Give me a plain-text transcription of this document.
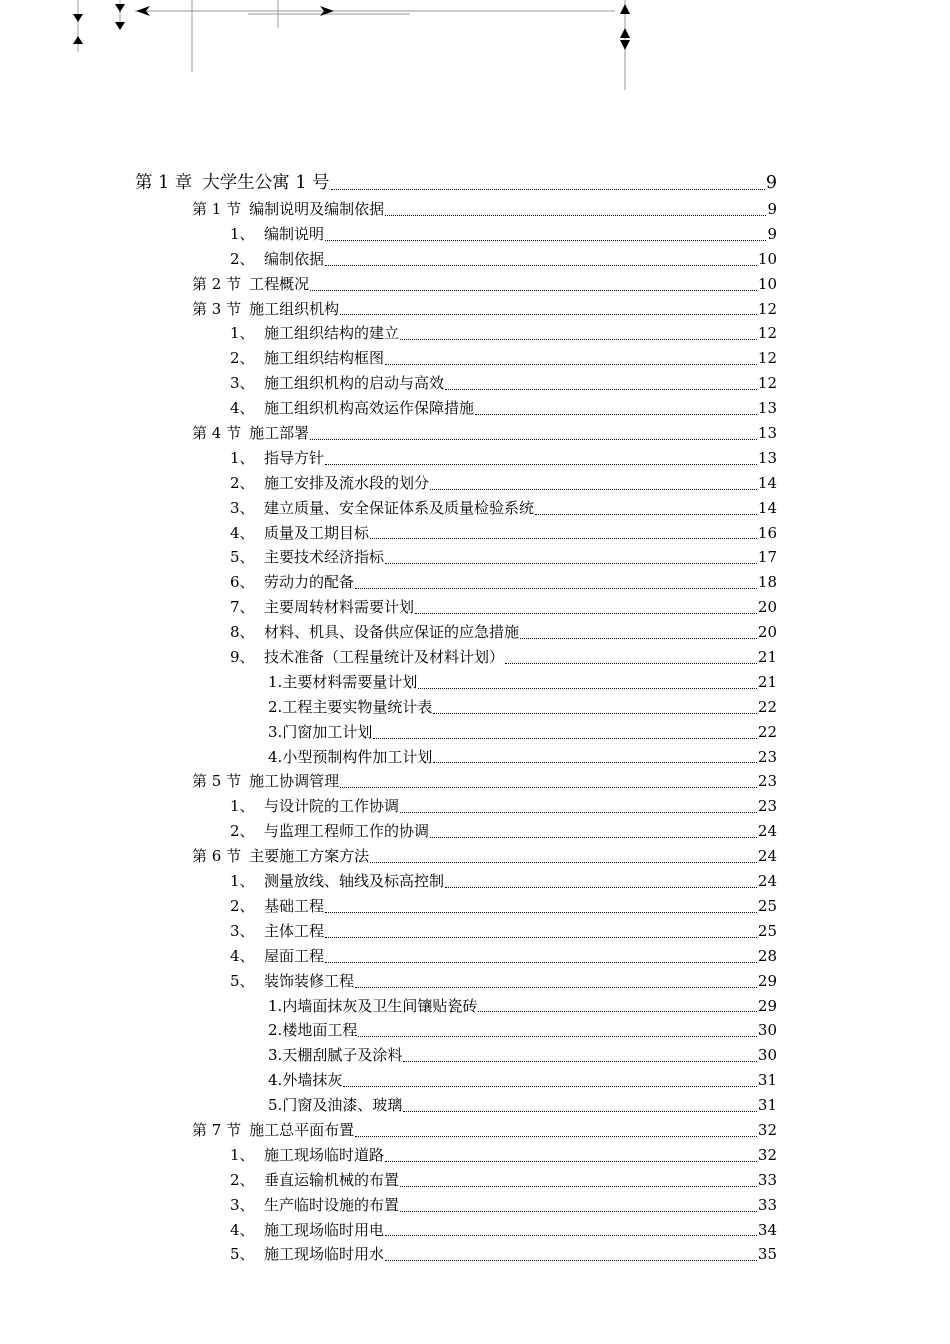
第 1 章 大学生公寓 1 号	9
第 1 节 编制说明及编制依据	9
1、 编制说明	9
2、 编制依据	10
第 2 节 工程概况	10
第 3 节 施工组织机构	12
1、 施工组织结构的建立	12
2、 施工组织结构框图	12
3、 施工组织机构的启动与高效	12
4、 施工组织机构高效运作保障措施	13
第 4 节 施工部署	13
1、 指导方针	13
2、 施工安排及流水段的划分	14
3、 建立质量、安全保证体系及质量检验系统	14
4、 质量及工期目标	16
5、 主要技术经济指标	17
6、 劳动力的配备	18
7、 主要周转材料需要计划	20
8、 材料、机具、设备供应保证的应急措施	20
9、 技术准备（工程量统计及材料计划）	21
1. 主要材料需要量计划	21
2. 工程主要实物量统计表	22
3. 门窗加工计划	22
4. 小型预制构件加工计划	23
第 5 节 施工协调管理	23
1、 与设计院的工作协调	23
2、 与监理工程师工作的协调	24
第 6 节 主要施工方案方法	24
1、 测量放线、轴线及标高控制	24
2、 基础工程	25
3、 主体工程	25
4、 屋面工程	28
5、 装饰装修工程	29
1. 内墙面抹灰及卫生间镶贴瓷砖	29
2. 楼地面工程	30
3. 天棚刮腻子及涂料	30
4. 外墙抹灰	31
5. 门窗及油漆、玻璃	31
第 7 节 施工总平面布置	32
1、 施工现场临时道路	32
2、 垂直运输机械的布置	33
3、 生产临时设施的布置	33
4、 施工现场临时用电	34
5、 施工现场临时用水	35
